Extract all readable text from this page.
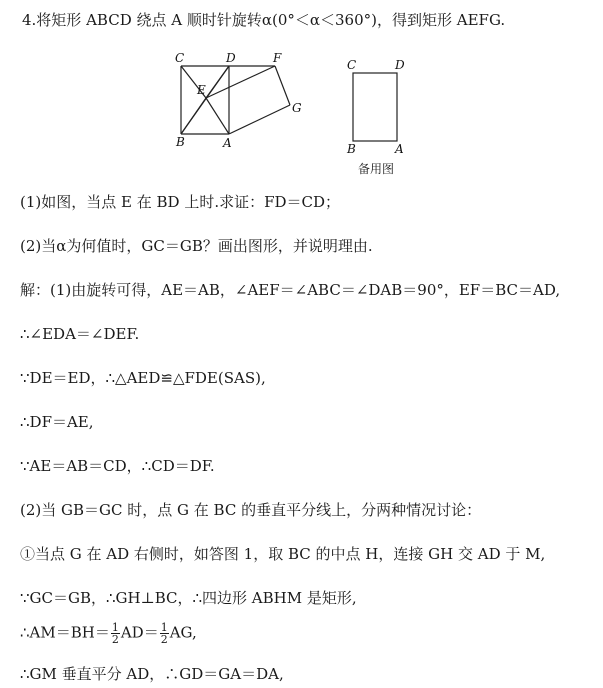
4.将矩形 ABCD 绕点 A 顺时针旋转α(0°＜α＜360°)，得到矩形 AEFG.
C	D	F
E
G
B	A
C	D
B	A
备用图
(1)如图，当点 E 在 BD 上时.求证：FD＝CD；
(2)当α为何值时，GC＝GB？画出图形，并说明理由.
解：(1)由旋转可得，AE＝AB，∠AEF＝∠ABC＝∠DAB＝90°，EF＝BC＝AD,
∴∠EDA＝∠DEF.
∵DE＝ED，∴△AED≌△FDE(SAS),
∴DF＝AE,
∵AE＝AB＝CD，∴CD＝DF.
(2)当 GB＝GC 时，点 G 在 BC 的垂直平分线上，分两种情况讨论：
①当点 G 在 AD 右侧时，如答图 1，取 BC 的中点 H，连接 GH 交 AD 于 M,
∵GC＝GB，∴GH⊥BC，∴四边形 ABHM 是矩形,
∴AM＝BH＝ $\frac{1}{2} AD= \frac{1}{2}$ AG,
∴GM 垂直平分 AD，∴GD＝GA＝DA,
